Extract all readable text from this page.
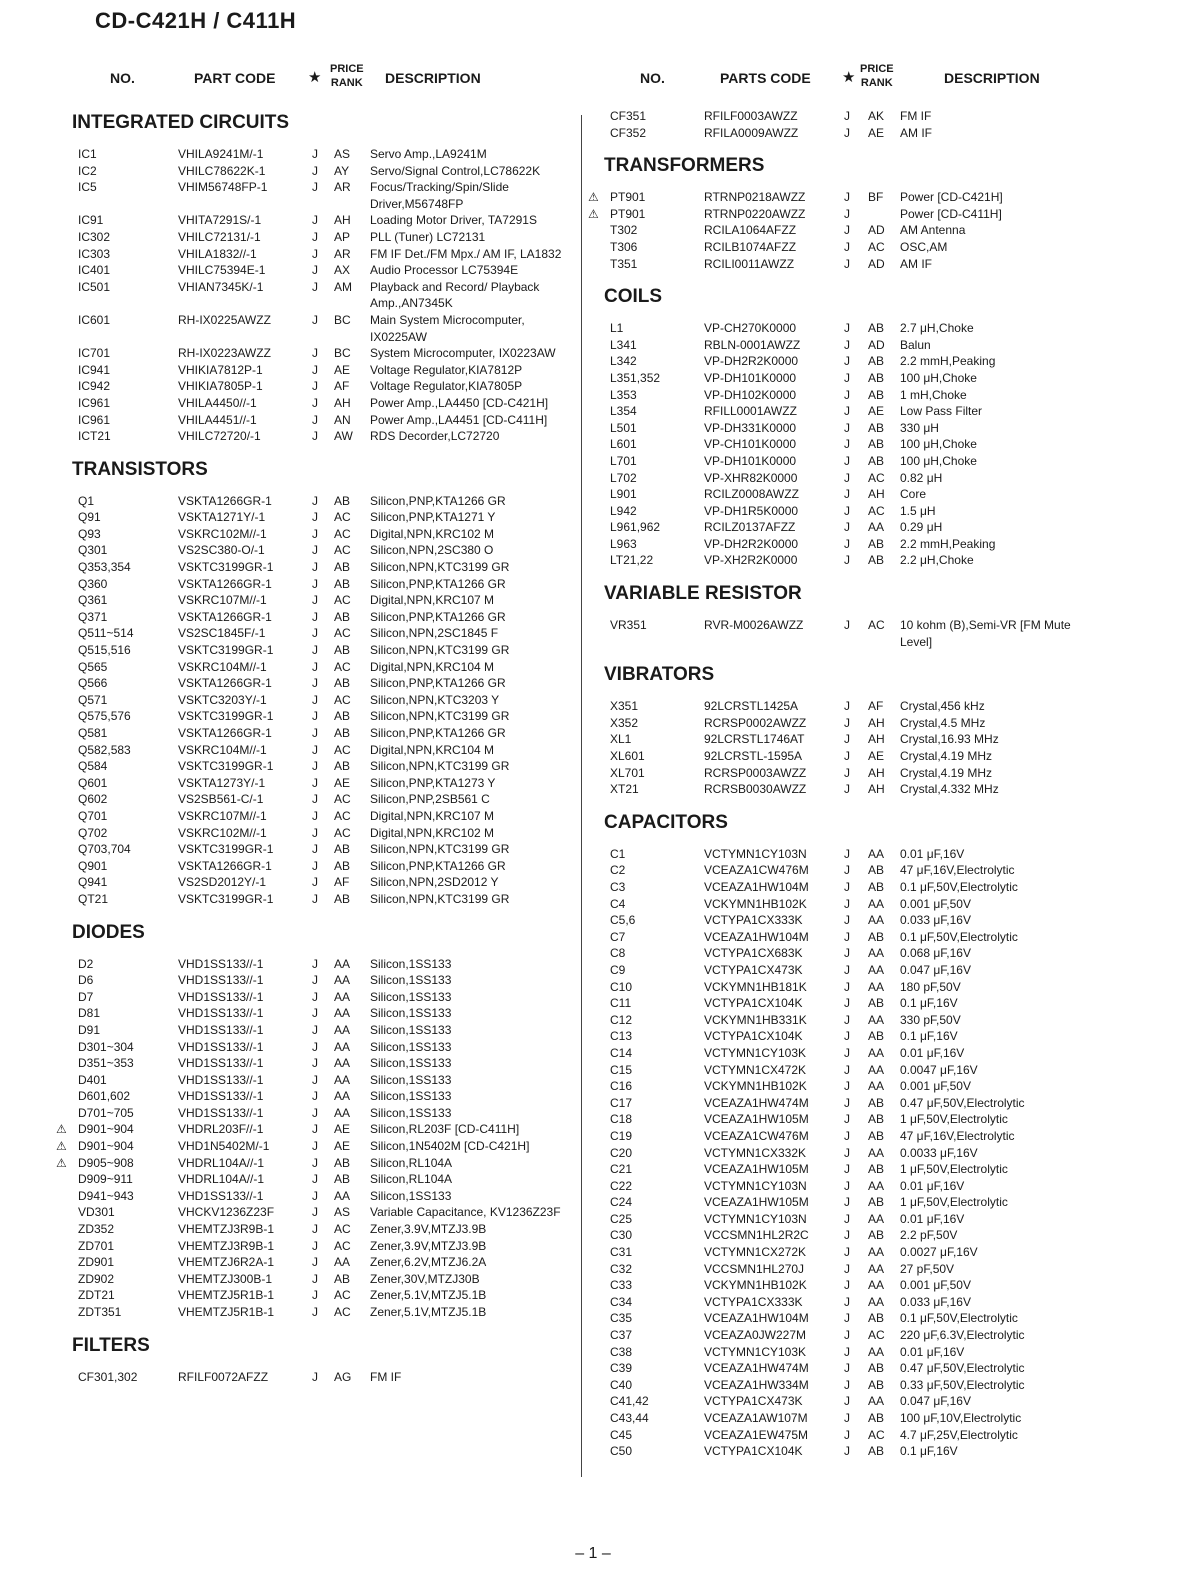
CD-C421H / C411H
NO.	PART CODE ★ PRICE
RANK DESCRIPTION
INTEGRATED CIRCUITS
IC1	VHILA9241M/-1	J AS Servo Amp.,LA9241M
IC2	VHILC78622K-1	J AY Servo/Signal Control,LC78622K
IC5	VHIM56748FP-1	J AR Focus/Tracking/Spin/Slide Driver,M56748FP
IC91	VHITA7291S/-1	J AH Loading Motor Driver, TA7291S
IC302	VHILC72131/-1	J AP PLL (Tuner) LC72131
IC303	VHILA1832//-1	J AR FM IF Det./FM Mpx./ AM IF, LA1832
IC401	VHILC75394E-1	J AX Audio Processor LC75394E
IC501	VHIAN7345K/-1	J AM Playback and Record/ Playback Amp.,AN7345K
IC601	RH-IX0225AWZZ	J BC Main System Microcomputer, IX0225AW
IC701	RH-IX0223AWZZ	J BC System Microcomputer, IX0223AW
IC941	VHIKIA7812P-1	J AE Voltage Regulator,KIA7812P
IC942	VHIKIA7805P-1	J AF Voltage Regulator,KIA7805P
IC961	VHILA4450//-1	J AH Power Amp.,LA4450 [CD-C421H]
IC961	VHILA4451//-1	J AN Power Amp.,LA4451 [CD-C411H]
ICT21	VHILC72720/-1	J AW RDS Decorder,LC72720
TRANSISTORS
Q1	VSKTA1266GR-1	J AB Silicon,PNP,KTA1266 GR
Q91	VSKTA1271Y/-1	J AC Silicon,PNP,KTA1271 Y
Q93	VSKRC102M//-1	J AC Digital,NPN,KRC102 M
Q301	VS2SC380-O/-1	J AC Silicon,NPN,2SC380 O
Q353,354	VSKTC3199GR-1	J AB Silicon,NPN,KTC3199 GR
Q360	VSKTA1266GR-1	J AB Silicon,PNP,KTA1266 GR
Q361	VSKRC107M//-1	J AC Digital,NPN,KRC107 M
Q371	VSKTA1266GR-1	J AB Silicon,PNP,KTA1266 GR
Q511~514	VS2SC1845F/-1	J AC Silicon,NPN,2SC1845 F
Q515,516	VSKTC3199GR-1	J AB Silicon,NPN,KTC3199 GR
Q565	VSKRC104M//-1	J AC Digital,NPN,KRC104 M
Q566	VSKTA1266GR-1	J AB Silicon,PNP,KTA1266 GR
Q571	VSKTC3203Y/-1	J AC Silicon,NPN,KTC3203 Y
Q575,576	VSKTC3199GR-1	J AB Silicon,NPN,KTC3199 GR
Q581	VSKTA1266GR-1	J AB Silicon,PNP,KTA1266 GR
Q582,583	VSKRC104M//-1	J AC Digital,NPN,KRC104 M
Q584	VSKTC3199GR-1	J AB Silicon,NPN,KTC3199 GR
Q601	VSKTA1273Y/-1	J AE Silicon,PNP,KTA1273 Y
Q602	VS2SB561-C/-1	J AC Silicon,PNP,2SB561 C
Q701	VSKRC107M//-1	J AC Digital,NPN,KRC107 M
Q702	VSKRC102M//-1	J AC Digital,NPN,KRC102 M
Q703,704	VSKTC3199GR-1	J AB Silicon,NPN,KTC3199 GR
Q901	VSKTA1266GR-1	J AB Silicon,PNP,KTA1266 GR
Q941	VS2SD2012Y/-1	J AF Silicon,NPN,2SD2012 Y
QT21	VSKTC3199GR-1	J AB Silicon,NPN,KTC3199 GR
DIODES
D2	VHD1SS133//-1	J AA Silicon,1SS133
D6	VHD1SS133//-1	J AA Silicon,1SS133
D7	VHD1SS133//-1	J AA Silicon,1SS133
D81	VHD1SS133//-1	J AA Silicon,1SS133
D91	VHD1SS133//-1	J AA Silicon,1SS133
D301~304	VHD1SS133//-1	J AA Silicon,1SS133
D351~353	VHD1SS133//-1	J AA Silicon,1SS133
D401	VHD1SS133//-1	J AA Silicon,1SS133
D601,602	VHD1SS133//-1	J AA Silicon,1SS133
D701~705	VHD1SS133//-1	J AA Silicon,1SS133
⚠ D901~904	VHDRL203F//-1	J AE Silicon,RL203F [CD-C411H]
⚠ D901~904	VHD1N5402M/-1	J AE Silicon,1N5402M [CD-C421H]
⚠ D905~908	VHDRL104A//-1	J AB Silicon,RL104A
D909~911	VHDRL104A//-1	J AB Silicon,RL104A
D941~943	VHD1SS133//-1	J AA Silicon,1SS133
VD301	VHCKV1236Z23F	J AS Variable Capacitance, KV1236Z23F
ZD352	VHEMTZJ3R9B-1	J AC Zener,3.9V,MTZJ3.9B
ZD701	VHEMTZJ3R9B-1	J AC Zener,3.9V,MTZJ3.9B
ZD901	VHEMTZJ6R2A-1	J AA Zener,6.2V,MTZJ6.2A
ZD902	VHEMTZJ300B-1	J AB Zener,30V,MTZJ30B
ZDT21	VHEMTZJ5R1B-1	J AC Zener,5.1V,MTZJ5.1B
ZDT351	VHEMTZJ5R1B-1	J AC Zener,5.1V,MTZJ5.1B
FILTERS
CF301,302	RFILF0072AFZZ	J AG FM IF
NO.	PARTS CODE ★ PRICE
RANK	DESCRIPTION
CF351	RFILF0003AWZZ	J AK FM IF
CF352	RFILA0009AWZZ	J AE AM IF
TRANSFORMERS
⚠ PT901	RTRNP0218AWZZ	J BF Power [CD-C421H]
⚠ PT901	RTRNP0220AWZZ	J	Power [CD-C411H]
T302	RCILA1064AFZZ	J AD AM Antenna
T306	RCILB1074AFZZ	J AC OSC,AM
T351	RCILI0011AWZZ	J AD AM IF
COILS
L1	VP-CH270K0000	J AB 2.7 μH,Choke
L341	RBLN-0001AWZZ	J AD Balun
L342	VP-DH2R2K0000	J AB 2.2 mmH,Peaking
L351,352	VP-DH101K0000	J AB 100 μH,Choke
L353	VP-DH102K0000	J AB 1 mH,Choke
L354	RFILL0001AWZZ	J AE Low Pass Filter
L501	VP-DH331K0000	J AB 330 μH
L601	VP-CH101K0000	J AB 100 μH,Choke
L701	VP-DH101K0000	J AB 100 μH,Choke
L702	VP-XHR82K0000	J AC 0.82 μH
L901	RCILZ0008AWZZ	J AH Core
L942	VP-DH1R5K0000	J AC 1.5 μH
L961,962	RCILZ0137AFZZ	J AA 0.29 μH
L963	VP-DH2R2K0000	J AB 2.2 mmH,Peaking
LT21,22	VP-XH2R2K0000	J AB 2.2 μH,Choke
VARIABLE RESISTOR
VR351	RVR-M0026AWZZ	J AC 10 kohm (B),Semi-VR [FM Mute Level]
VIBRATORS
X351	92LCRSTL1425A	J AF Crystal,456 kHz
X352	RCRSP0002AWZZ	J AH Crystal,4.5 MHz
XL1	92LCRSTL1746AT	J AH Crystal,16.93 MHz
XL601	92LCRSTL-1595A	J AE Crystal,4.19 MHz
XL701	RCRSP0003AWZZ	J AH Crystal,4.19 MHz
XT21	RCRSB0030AWZZ	J AH Crystal,4.332 MHz
CAPACITORS
C1	VCTYMN1CY103N	J AA 0.01 μF,16V
C2	VCEAZA1CW476M	J AB 47 μF,16V,Electrolytic
C3	VCEAZA1HW104M	J AB 0.1 μF,50V,Electrolytic
C4	VCKYMN1HB102K	J AA 0.001 μF,50V
C5,6	VCTYPA1CX333K	J AA 0.033 μF,16V
C7	VCEAZA1HW104M	J AB 0.1 μF,50V,Electrolytic
C8	VCTYPA1CX683K	J AA 0.068 μF,16V
C9	VCTYPA1CX473K	J AA 0.047 μF,16V
C10	VCKYMN1HB181K	J AA 180 pF,50V
C11	VCTYPA1CX104K	J AB 0.1 μF,16V
C12	VCKYMN1HB331K	J AA 330 pF,50V
C13	VCTYPA1CX104K	J AB 0.1 μF,16V
C14	VCTYMN1CY103K	J AA 0.01 μF,16V
C15	VCTYMN1CX472K	J AA 0.0047 μF,16V
C16	VCKYMN1HB102K	J AA 0.001 μF,50V
C17	VCEAZA1HW474M	J AB 0.47 μF,50V,Electrolytic
C18	VCEAZA1HW105M	J AB 1 μF,50V,Electrolytic
C19	VCEAZA1CW476M	J AB 47 μF,16V,Electrolytic
C20	VCTYMN1CX332K	J AA 0.0033 μF,16V
C21	VCEAZA1HW105M	J AB 1 μF,50V,Electrolytic
C22	VCTYMN1CY103N	J AA 0.01 μF,16V
C24	VCEAZA1HW105M	J AB 1 μF,50V,Electrolytic
C25	VCTYMN1CY103N	J AA 0.01 μF,16V
C30	VCCSMN1HL2R2C	J AB 2.2 pF,50V
C31	VCTYMN1CX272K	J AA 0.0027 μF,16V
C32	VCCSMN1HL270J	J AA 27 pF,50V
C33	VCKYMN1HB102K	J AA 0.001 μF,50V
C34	VCTYPA1CX333K	J AA 0.033 μF,16V
C35	VCEAZA1HW104M	J AB 0.1 μF,50V,Electrolytic
C37	VCEAZA0JW227M	J AC 220 μF,6.3V,Electrolytic
C38	VCTYMN1CY103K	J AA 0.01 μF,16V
C39	VCEAZA1HW474M	J AB 0.47 μF,50V,Electrolytic
C40	VCEAZA1HW334M	J AB 0.33 μF,50V,Electrolytic
C41,42	VCTYPA1CX473K	J AA 0.047 μF,16V
C43,44	VCEAZA1AW107M	J AB 100 μF,10V,Electrolytic
C45	VCEAZA1EW475M	J AC 4.7 μF,25V,Electrolytic
C50	VCTYPA1CX104K	J AB 0.1 μF,16V
– 1 –
